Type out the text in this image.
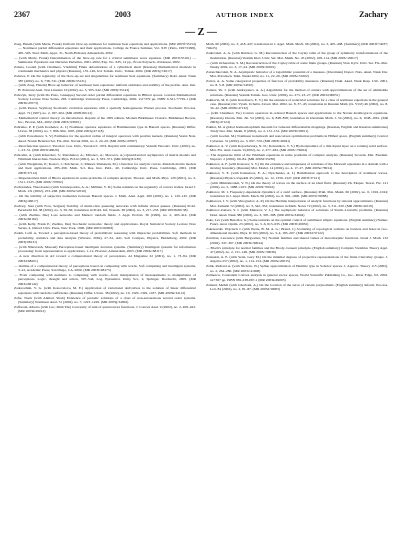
2367	2003	AUTHOR INDEX	Zachary
— Z —

Zaag, Hatem (with Merle, Frank) Uniform blow-up estimates for nonlinear heat equations and applications. (MR 2003f:35154) — Nonlinear partial differential equations and their applications. Collège de France Seminar, Vol. XIV (Paris, 1997/1998), 495–503, Stud. Math. Appl., 31, North-Holland, Amsterdam, 2002.

— (with Merle, Frank) Determination of the blow-up rate for a critical semilinear wave equation. (MR 2003i:35161) — Séminaire: Équations aux Dérivées Partielles, 2001–2002, Exp. No. XIV, 14 pp., École Polytech., Palaiseau, 2002.

Zabala, Leonid (with Chalmers, Vladimir) Finite deformations of a cylindrical shell. (Russian) Mathematical methods in continuum mechanics and physics (Russian), 135–146, Izd. Tomsk. Univ., Tomsk, 2002. (MR 2003g:74017)

Zabawa, P. On the regularity of the blow-up set and singularities for nonlinear heat equations. (Summary) Dokl. Akad. Nauk 387 (2002), no. 6, 738–741. (MR 2003h:35131)

— (with Zaag, Hatem) Blow-up behavior of nonlinear heat equations: uniform estimates and stability of the profile. Ann. Inst. H. Poincaré Anal. Non Linéaire 19 (2002), no. 5, 505–542. (MR 2003j:35143)

Zabczyk, Jerzy (with Da Prato, Giuseppe) Second order partial differential equations in Hilbert spaces. London Mathematical Society Lecture Note Series, 293. Cambridge University Press, Cambridge, 2002. xvi+379 pp. ISBN 0-521-77729-1 (MR 2003h:47073)

— (with Peszat, Szymon) Stochastic evolution equations with a spatially homogeneous Wiener process. Stochastic Process. Appl. 72 (1997), no. 2, 187–204. (MR 2003f:60112)

— Mathematical control theory: an introduction. Reprint of the 1995 edition. Modern Birkhäuser Classics. Birkhäuser Boston, Inc., Boston, MA, 2002. (MR 2003c:93001)

Zabreiko, P. P. (with Koshelev, A. I.) Nonlinear operator equations of Hammerstein type in Banach spaces. (Russian) Differ. Uravn. 38 (2002), no. 7, 896–904, 1005. (MR 2003g:47118)

— (with Ponomarev, S. V.) Estimates for the spectral radius of integral operators with positive kernels. (Russian) Vestsi Nats. Akad. Navuk Belarusi Ser. Fiz.-Mat. Navuk 2002, no. 2, 24–29. (MR 2003e:47087)

— Ideal function spaces I. Yaroslav. Gos. Univ., Yaroslavl', 1974. Reprint with commentary. Vestnik Yaroslav. Univ. (2002), no. 1, 23–51. (MR 2003i:46029)

Zabrodin, A. (with Kharchev, S.; Marshakov, A.; Mironov, A.; Morozov, A.) Quasiclassical asymptotics of matrix models and Whitham hierarchies. Nuclear Phys. B 612 (2001), no. 3, 333–371. (MR 2003g:81185)

— (with Wiegmann, P.; Kostov, I.; Krichever, I.; Mineev-Weinstein, M.) τ-function for analytic curves. Random matrix models and their applications, 285–299, Math. Sci. Res. Inst. Publ., 40, Cambridge Univ. Press, Cambridge, 2001. (MR 2003f:37112)

— Dispersionless limit of Hirota equations in some problems of complex analysis. Theoret. and Math. Phys. 129 (2001), no. 2, 1511–1525. (MR 2003c:37092)

Zachariades, Theodossios (with Giannopoulos, A. A.; Milman, V. D.) Some remarks on the regularity of convex bodies. Israel J. Math. 131 (2002), 253–268. (MR 2003e:52010)

— On the stability of surjective isometries between Banach spaces. J. Math. Anal. Appl. 269 (2002), no. 1, 129–145. (MR 2003g:46017)

Zachary, Stan (with Foss, Serguei) Stability of multi-class queueing networks with infinite virtual queues. (Russian) Probl. Peredachi Inf. 38 (2002), no. 3, 39–56; translation in Probl. Inf. Transm. 38 (2002), no. 3, 217–233. (MR 2003h:60138)

— (with Ziedins, Ilze) Loss networks and Markov random fields. J. Appl. Probab. 36 (1999), no. 2, 403–414. (MR 2003e:60162)

— (with Kelly, Frank P.; Ziedins, Ilze) Stochastic networks: theory and applications. Royal Statistical Society Lecture Note Series, 4. Oxford Univ. Press, New York, 1996. (MR 2003c:60003)

Zadeh, Lotfi A. Toward a perception-based theory of probabilistic reasoning with imprecise probabilities. Soft methods in probability, statistics and data analysis (Warsaw, 2002), 27–61, Adv. Soft Comput., Physica, Heidelberg, 2002. (MR 2003j:68131)

— (with Nikravesh, Masoud) Perception-based intelligent decision systems. (Summary) Intelligent systems for information processing: from representation to applications, 1–12, Elsevier, Amsterdam, 2003. (MR 2003e:68117)

— A new direction in AI: toward a computational theory of perceptions. AI Magazine 22 (2001), no. 1, 73–84. (MR 2003d:68201)

— Outline of a computational theory of perceptions based on computing with words. Soft computing and intelligent systems, 3–22, Academic Press, San Diego, CA, 2000. (MR 2003b:68175)

— From computing with numbers to computing with words—from manipulation of measurements to manipulation of perceptions. Logic, thought and action, 507–544, Log. Epistemol. Unity Sci., 2, Springer, Dordrecht, 2005. (MR 2003a:68142)

Zadorozhnii, V. G. (with Konovalova, M. E.) Application of variational derivatives to the solution of linear differential equations with random coefficients. (Russian) Differ. Uravn. 38 (2002), no. 10, 1320–1329, 1437. (MR 2003k:34112)

Zafar, Nazir (with Ahmad, Shair) Existence of periodic solutions of a class of non-autonomous second order systems. (Summary) Nonlinear Anal. 51 (2002), no. 7, 1223–1229. (MR 2003g:34092)

Zaffaroni, Alberto (with Luc, Dinh The) Convexity of sum of quasiconvex functions. J. Convex Anal. 9 (2002), no. 2, 409–422. (MR 2003h:26012)

Math. 66 (2002), no. 3, 418–447; translation in J. Appl. Math. Mech. 66 (2002), no. 3, 405–408. (Summary) (MR 2003f:74037; 74K25)

Zaikovskii, A. A. (with Rubtsov, G. M.) Reconstruction of the Cayley table of the group of symmetry transformations of the modulation. (Russian) Vestnik Kiev. Univ. Ser. Mat. Mekh. No. 45 (2002), 108–114. (MR 2003c:20017)

— (with Ocheretian, S. M.) Reconstruction of the Cayley table of some finite groups. (Russian) Visn. Kyiv. Univ. Ser. Fiz.-Mat. Nauky 2002, no. 3, 17–24. (MR 2003i:20001)

Zaionchkovskii, N. A. Asymptotic behavior of a logarithmic potential of a measure. (Ukrainian) Dopov. Nats. Akad. Nauk Ukr. Mat. Prirodozn. Tekh. Nauki 2002, no. 11, 22–26. (MR 2003e:31002)

Zaitov, A. A. Some categorical properties of functors of probability measures. (Russian) Dokl. Akad. Nauk Resp. Uzb. 2001, no. 8, 5–8. (MR 2003e:54010)

Zaitsev, Yu. I. (with Andreyanov, A. A.) Algorithms for the method of centers with approximations of the set of admissible solutions. (Russian) Vestnik Tomsk. Gos. Univ. (2002), no. 275, 23–27. (MR 2003d:90051)

Zakhar'in, M. P. (with Kondratov, E. V.) On the existence of nontrivial solutions for a class of nonlinear equations in the general case. (Russian) Izv. Vyssh. Uchebn. Zaved. Mat. 2002, no. 8, 37–45; translation in Russian Math. (Iz. VUZ) 46 (2002), no. 8, 34–42. (MR 2003h:47132)

— (with Cheshkov, Yu.) Convex operators in ordered Banach spaces and applications to the Navier–Kolmogorov equations. (Russian) Ukrain. Mat. Zh. 54 (2002), no. 6, 848–858; translation in Ukrainian Math. J. 54 (2002), no. 6, 1048–1061. (MR 2003g:47124)

Zakhar, M. A global homeomorphism theorem for Gâteaux differentiable mappings. (Russian, English and Russian summaries) Trudy Inst. Mat. Mekh. 8 (2002), no. 2, 131–152. (MR 2003b:58011)

— (with Goebel, M.) Nonlinear nonsmooth and nonconvex optimization problems in Hilbert space. (English summary) Control Cybernet. 31 (2002), no. 3, 697–729. (MR 2003i:49041)

Zakharov, A. V. (with Kopachevsky, N. D.; Kolesnikov, V. S.) Hydrodynamics of a thin liquid layer on a rotating solid surface. Mat. Fiz. Anal. Geom. 9 (2002), no. 2, 277–284. (MR 2003c:76064)

— The degenerate limit of the Whitham equations in some problems of complex analysis. (Russian) Sovrem. Mat. Fundam. Napravl. 2 (2002), 69–84. (MR 2003d:35230)

Zakharov, A. F. (with Kokorev, S. V.) On the existence and uniqueness of solutions of the Maxwell equations in a domain with a moving boundary. (Russian) Mat. Model. 14 (2002), no. 4, 17–27. (MR 2003e:78014)

Zakharov, V. E. (with Kuznetsov, E. A.; Dyachenko, A. I.) Hamiltonian approach to the description of nonlinear waves. (Russian) Physics-Uspekhi 45 (2002), no. 12, 1339–1347. (MR 2003f:37121)

— (with Mikhailovskii, V. N.) On the theory of waves on the surface of an ideal fluid. (Russian) Zh. Eksper. Teoret. Fiz. 121 (2002), no. 5, 1088–1103. (MR 2003i:76016)

Zakharov, M. I. Frequency-dependent dynamics of a swirl surface. (Russian) Prikl. Mat. Mekh. 66 (2002), no. 6, 1016–1024; translation in J. Appl. Math. Mech. 66 (2002), no. 6, 992–1000. (MR 2003i:76088)

Zakharova, I. V. (with Vinogradov, A. P.) On the Hermite interpolation of analytic functions by rational approximants. (Russian) Mat. Zametki 72 (2002), no. 3, 342–352; translation in Math. Notes 72 (2002), no. 3, 311–320. (MR 2003h:41019)

Zakharov-Zaitsev, S. I. (with Makarov, V. L.) The asymptotic behavior of solutions of Sturm–Liouville problems. (Russian) Dokl. Akad. Nauk 386 (2002), no. 3, 305–308. (MR 2003e:34044)

Zaks, Lev (with Ben-Dor, G.) Some remarks on the optimal control of semilinear elliptic equations. (English summary) Numer. Funct. Anal. Optim. 23 (2002), no. 5–6, 613–635. (MR 2003f:49032)

Zakrzewski, Wojciech J. (with Piette, B. M. A. G.; Brand, J.) Scattering of topological solitons on barriers and holes in two-dimensional models. Phys. D 163 (2002), no. 3–4, 185–207. (MR 2003d:37122)

Zalcman, Lawrence (with Bergweiler, W.) Normal families and shared values of meromorphic functions. Israel J. Math. 132 (2002), 347–367. (MR 2003k:30044)

— Bloch's principle for normal families and the Brody–Grauert principle. (English summary) Complex Variables Theory Appl. 47 (2002), no. 2, 131–148. (MR 2003c:30036)

Zalesskii, A. E. (with Seitz, Gary M.) On the minimal degrees of projective representations of the finite Chevalley groups. J. Algebra 257 (2002), no. 1, 114–154. (MR 2003e:20015)

Zalik, Richard A. (with Nichols, W.) Spline approximation of Hermite type in Sobolev spaces. J. Approx. Theory 115 (2002), no. 2, 264–280. (MR 2003c:41008)

Zalinescu, Constantin Convex analysis in general vector spaces. World Scientific Publishing Co., Inc., River Edge, NJ, 2002. xx+367 pp. ISBN 981-238-067-1 (MR 2003k:49003)

Zamani, Mehdi (with Ghorbani, A.) On the location of the zeros of certain polynomials. (English summary) Inform. Process. Lett. 84 (2002), no. 2, 81–87. (MR 2003d:30005)
